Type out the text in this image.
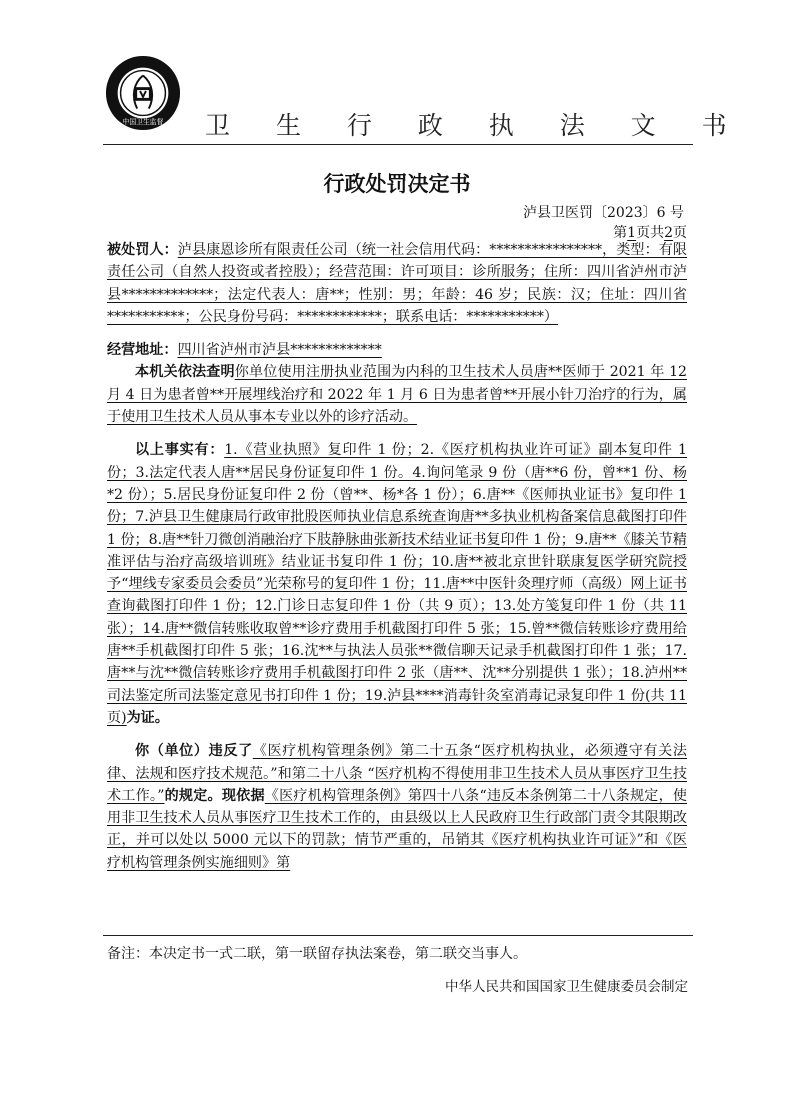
中国卫生监督 卫 生 行 政 执 法 文 书
行政处罚决定书
泸县卫医罚〔2023〕6 号
第1页共2页

被处罚人：泸县康恩诊所有限责任公司（统一社会信用代码：****************，类型：有限责任公司（自然人投资或者控股）；经营范围：许可项目：诊所服务；住所：四川省泸州市泸县*************；法定代表人：唐**；性别：男；年龄：46 岁；民族：汉；住址：四川省***********；公民身份号码：************；联系电话：***********）

经营地址：四川省泸州市泸县*************

本机关依法查明你单位使用注册执业范围为内科的卫生技术人员唐**医师于 2021 年 12 月 4 日为患者曾**开展埋线治疗和 2022 年 1 月 6 日为患者曾**开展小针刀治疗的行为，属于使用卫生技术人员从事本专业以外的诊疗活动。

以上事实有：1.《营业执照》复印件 1 份；2.《医疗机构执业许可证》副本复印件 1 份；3.法定代表人唐**居民身份证复印件 1 份。4.询问笔录 9 份（唐**6 份，曾**1 份、杨*2 份）；5.居民身份证复印件 2 份（曾**、杨*各 1 份）；6.唐**《医师执业证书》复印件 1 份；7.泸县卫生健康局行政审批股医师执业信息系统查询唐**多执业机构备案信息截图打印件 1 份；8.唐**针刀微创消融治疗下肢静脉曲张新技术结业证书复印件 1 份；9.唐**《膝关节精准评估与治疗高级培训班》结业证书复印件 1 份；10.唐**被北京世针联康复医学研究院授予“埋线专家委员会委员”光荣称号的复印件 1 份；11.唐**中医针灸理疗师（高级）网上证书查询截图打印件 1 份；12.门诊日志复印件 1 份（共 9 页）；13.处方笺复印件 1 份（共 11 张）；14.唐**微信转账收取曾**诊疗费用手机截图打印件 5 张；15.曾**微信转账诊疗费用给唐**手机截图打印件 5 张；16.沈**与执法人员张**微信聊天记录手机截图打印件 1 张；17.唐**与沈**微信转账诊疗费用手机截图打印件 2 张（唐**、沈**分别提供 1 张）；18.泸州**司法鉴定所司法鉴定意见书打印件 1 份；19.泸县****消毒针灸室消毒记录复印件 1 份(共 11 页)为证。

你（单位）违反了《医疗机构管理条例》第二十五条“医疗机构执业，必须遵守有关法律、法规和医疗技术规范。”和第二十八条 “医疗机构不得使用非卫生技术人员从事医疗卫生技术工作。”的规定。现依据《医疗机构管理条例》第四十八条“违反本条例第二十八条规定，使用非卫生技术人员从事医疗卫生技术工作的，由县级以上人民政府卫生行政部门责令其限期改正，并可以处以 5000 元以下的罚款；情节严重的，吊销其《医疗机构执业许可证》”和《医疗机构管理条例实施细则》第

备注：本决定书一式二联，第一联留存执法案卷，第二联交当事人。
中华人民共和国国家卫生健康委员会制定
